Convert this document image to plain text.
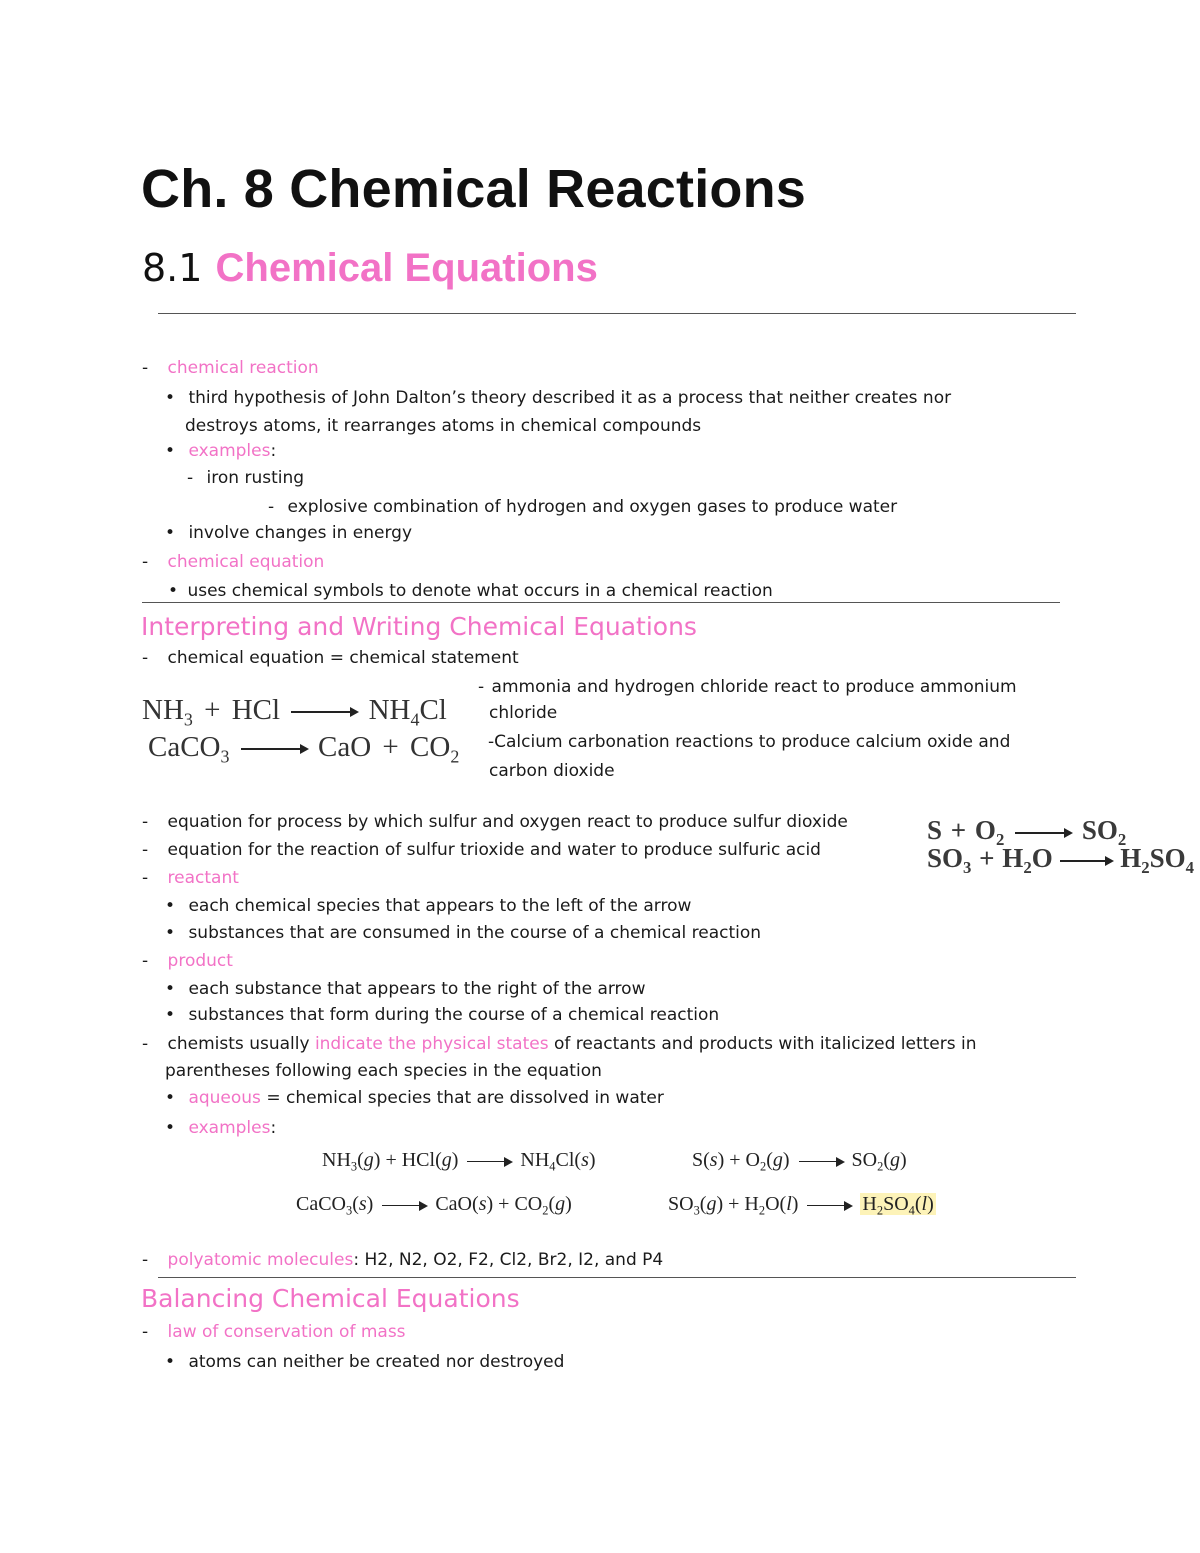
Ch. 8 Chemical Reactions
8.1 Chemical Equations
- chemical reaction
• third hypothesis of John Dalton’s theory described it as a process that neither creates nor
destroys atoms, it rearranges atoms in chemical compounds
• examples:
- iron rusting
- explosive combination of hydrogen and oxygen gases to produce water
• involve changes in energy
- chemical equation
• uses chemical symbols to denote what occurs in a chemical reaction
Interpreting and Writing Chemical Equations
- chemical equation = chemical statement
$NH_3$ + HCl	$NH_4Cl$
CaCO$_3$	CaO + $CO_2$
- ammonia and hydrogen chloride react to produce ammonium
chloride
-Calcium carbonation reactions to produce calcium oxide and
carbon dioxide
- equation for process by which sulfur and oxygen react to produce sulfur dioxide
- equation for the reaction of sulfur trioxide and water to produce sulfuric acid
$S + O_2$	$SO_2$
$SO_3 + H_2O$	$H_2SO_4$
- reactant
• each chemical species that appears to the left of the arrow
• substances that are consumed in the course of a chemical reaction
- product
• each substance that appears to the right of the arrow
• substances that form during the course of a chemical reaction
- chemists usually indicate the physical states of reactants and products with italicized letters in
parentheses following each species in the equation
• aqueous = chemical species that are dissolved in water
• examples:
$NH_3(g) + HCl(g)$	$NH_4Cl(s)$	$S(s) + O_2(g)$	$SO_2(g)$
CaCO$_3$(s)	$CaO(s) + CO_2(g)$	$SO_3(g) + H_2O(l)$	$H_2SO_4(l)$
- polyatomic molecules: H2, N2, O2, F2, Cl2, Br2, I2, and P4
Balancing Chemical Equations
- law of conservation of mass
• atoms can neither be created nor destroyed
